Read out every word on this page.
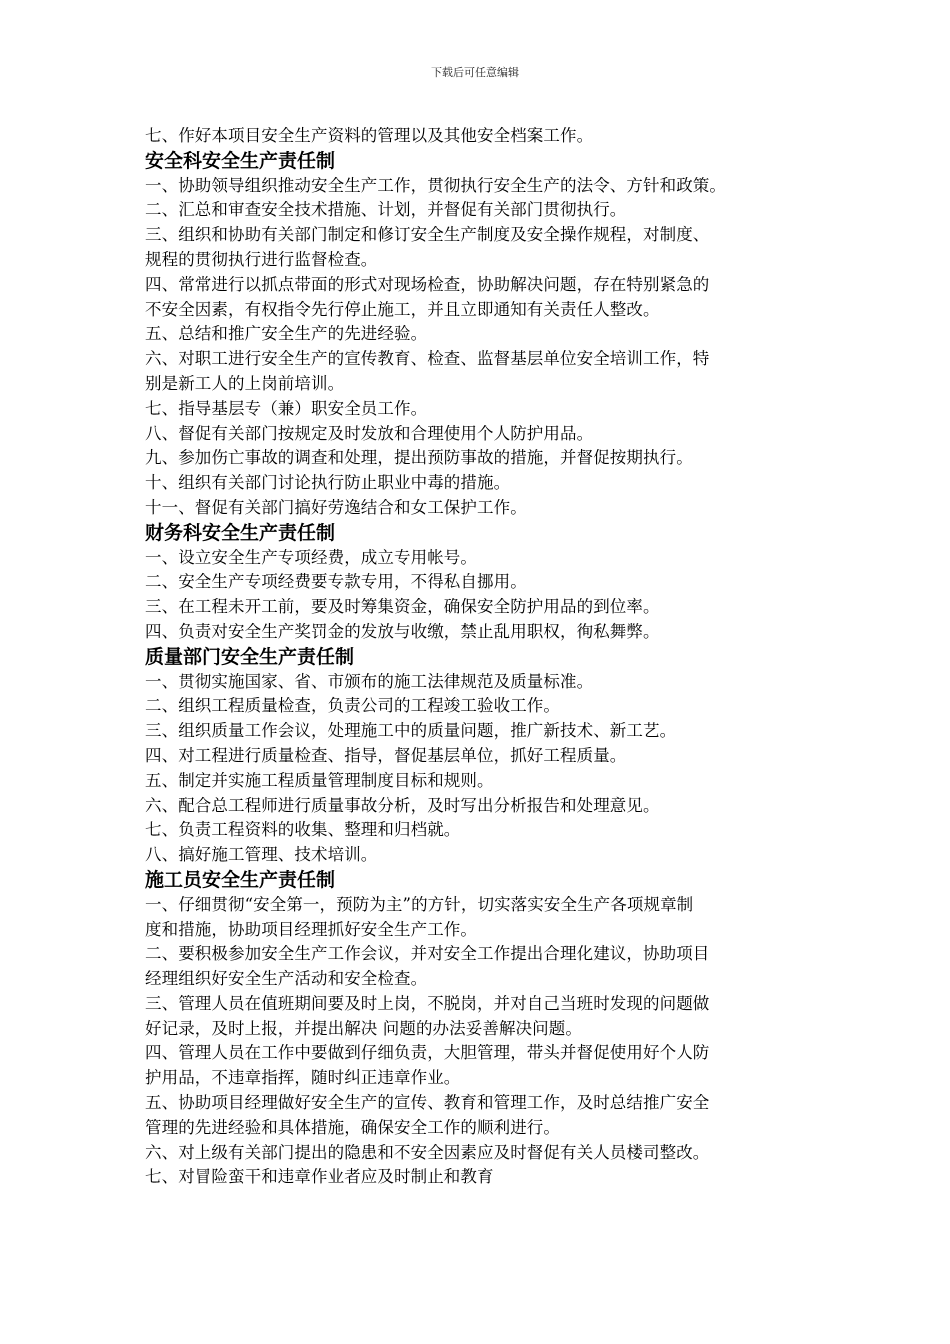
下载后可任意编辑
七、作好本项目安全生产资料的管理以及其他安全档案工作。
安全科安全生产责任制
一、协助领导组织推动安全生产工作，贯彻执行安全生产的法令、方针和政策。
二、汇总和审查安全技术措施、计划，并督促有关部门贯彻执行。
三、组织和协助有关部门制定和修订安全生产制度及安全操作规程，对制度、
规程的贯彻执行进行监督检查。
四、常常进行以抓点带面的形式对现场检查，协助解决问题，存在特别紧急的
不安全因素，有权指令先行停止施工，并且立即通知有关责任人整改。
五、总结和推广安全生产的先进经验。
六、对职工进行安全生产的宣传教育、检查、监督基层单位安全培训工作，特
别是新工人的上岗前培训。
七、指导基层专（兼）职安全员工作。
八、督促有关部门按规定及时发放和合理使用个人防护用品。
九、参加伤亡事故的调查和处理，提出预防事故的措施，并督促按期执行。
十、组织有关部门讨论执行防止职业中毒的措施。
十一、督促有关部门搞好劳逸结合和女工保护工作。
财务科安全生产责任制
一、设立安全生产专项经费，成立专用帐号。
二、安全生产专项经费要专款专用，不得私自挪用。
三、在工程未开工前，要及时筹集资金，确保安全防护用品的到位率。
四、负责对安全生产奖罚金的发放与收缴，禁止乱用职权，徇私舞弊。
质量部门安全生产责任制
一、贯彻实施国家、省、市颁布的施工法律规范及质量标准。
二、组织工程质量检查，负责公司的工程竣工验收工作。
三、组织质量工作会议，处理施工中的质量问题，推广新技术、新工艺。
四、对工程进行质量检查、指导，督促基层单位，抓好工程质量。
五、制定并实施工程质量管理制度目标和规则。
六、配合总工程师进行质量事故分析，及时写出分析报告和处理意见。
七、负责工程资料的收集、整理和归档就。
八、搞好施工管理、技术培训。
施工员安全生产责任制
一、仔细贯彻“安全第一，预防为主”的方针，切实落实安全生产各项规章制
度和措施，协助项目经理抓好安全生产工作。
二、要积极参加安全生产工作会议，并对安全工作提出合理化建议，协助项目
经理组织好安全生产活动和安全检查。
三、管理人员在值班期间要及时上岗，不脱岗，并对自己当班时发现的问题做
好记录，及时上报，并提出解决 问题的办法妥善解决问题。
四、管理人员在工作中要做到仔细负责，大胆管理，带头并督促使用好个人防
护用品，不违章指挥，随时纠正违章作业。
五、协助项目经理做好安全生产的宣传、教育和管理工作，及时总结推广安全
管理的先进经验和具体措施，确保安全工作的顺利进行。
六、对上级有关部门提出的隐患和不安全因素应及时督促有关人员楼司整改。
七、对冒险蛮干和违章作业者应及时制止和教育
